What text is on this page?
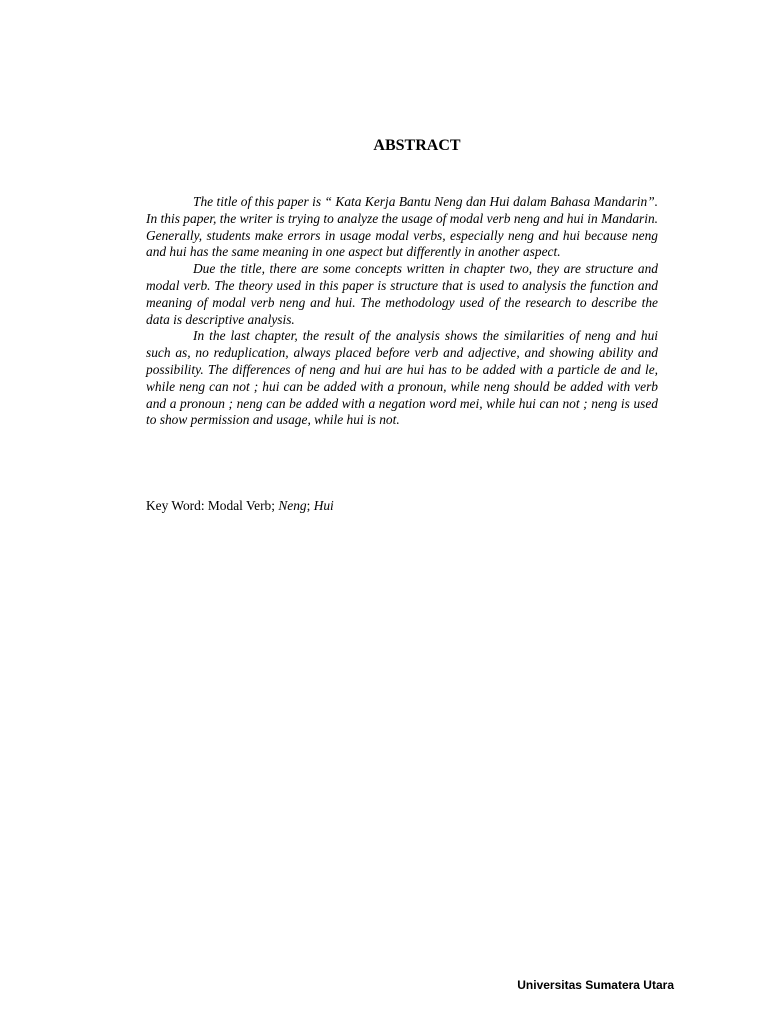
ABSTRACT

The title of this paper is “ Kata Kerja Bantu Neng dan Hui dalam Bahasa Mandarin”. In this paper, the writer is trying to analyze the usage of modal verb neng and hui in Mandarin. Generally, students make errors in usage modal verbs, especially neng and hui because neng and hui has the same meaning in one aspect but differently in another aspect.

Due the title, there are some concepts written in chapter two, they are structure and modal verb. The theory used in this paper is structure that is used to analysis the function and meaning of modal verb neng and hui. The methodology used of the research to describe the data is descriptive analysis.

In the last chapter, the result of the analysis shows the similarities of neng and hui such as, no reduplication, always placed before verb and adjective, and showing ability and possibility. The differences of neng and hui are hui has to be added with a particle de and le, while neng can not ; hui can be added with a pronoun, while neng should be added with verb and a pronoun ; neng can be added with a negation word mei, while hui can not ; neng is used to show permission and usage, while hui is not.

Key Word: Modal Verb; Neng; Hui

Universitas Sumatera Utara
